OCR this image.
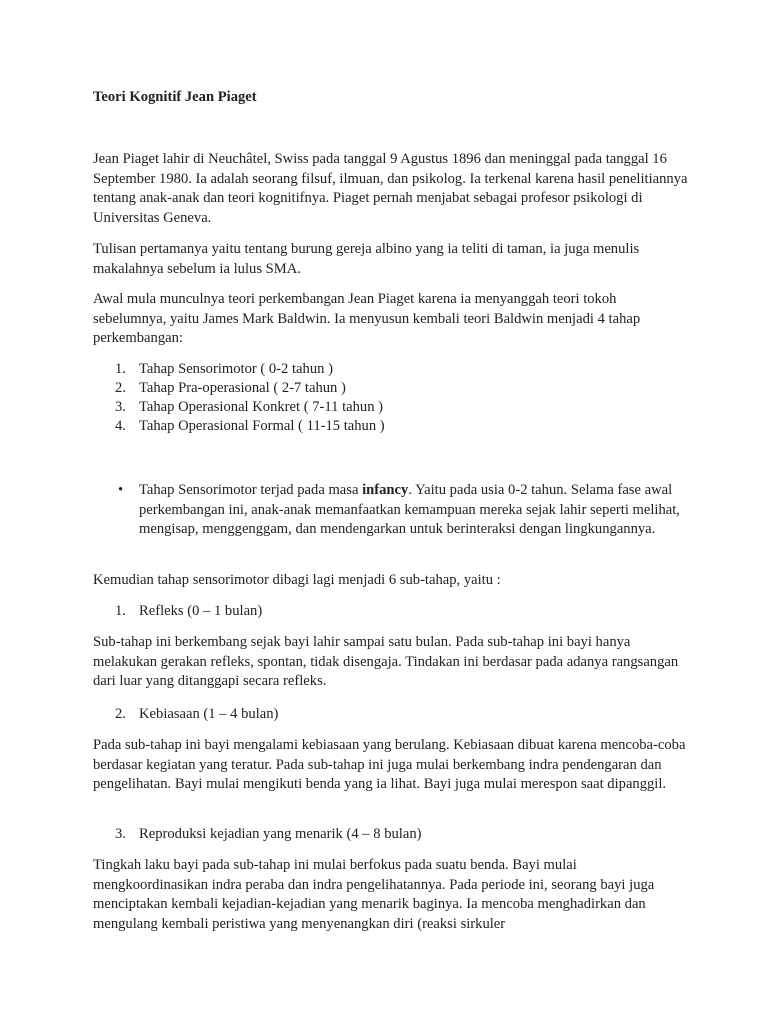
Teori Kognitif Jean Piaget

Jean Piaget lahir di Neuchâtel, Swiss pada tanggal 9 Agustus 1896 dan meninggal pada tanggal 16 September 1980. Ia adalah seorang filsuf, ilmuan, dan psikolog. Ia terkenal karena hasil penelitiannya tentang anak-anak dan teori kognitifnya. Piaget pernah menjabat sebagai profesor psikologi di Universitas Geneva.

Tulisan pertamanya yaitu tentang burung gereja albino yang ia teliti di taman, ia juga menulis makalahnya sebelum ia lulus SMA.

Awal mula munculnya teori perkembangan Jean Piaget karena ia menyanggah teori tokoh sebelumnya, yaitu James Mark Baldwin. Ia menyusun kembali teori Baldwin menjadi 4 tahap perkembangan:

1. Tahap Sensorimotor ( 0-2 tahun )
2. Tahap Pra-operasional ( 2-7 tahun )
3. Tahap Operasional Konkret ( 7-11 tahun )
4. Tahap Operasional Formal ( 11-15 tahun )
• Tahap Sensorimotor terjad pada masa infancy. Yaitu pada usia 0-2 tahun. Selama fase awal perkembangan ini, anak-anak memanfaatkan kemampuan mereka sejak lahir seperti melihat, mengisap, menggenggam, dan mendengarkan untuk berinteraksi dengan lingkungannya.

Kemudian tahap sensorimotor dibagi lagi menjadi 6 sub-tahap, yaitu :

1. Refleks (0 – 1 bulan)

Sub-tahap ini berkembang sejak bayi lahir sampai satu bulan. Pada sub-tahap ini bayi hanya melakukan gerakan refleks, spontan, tidak disengaja. Tindakan ini berdasar pada adanya rangsangan dari luar yang ditanggapi secara refleks.

2. Kebiasaan (1 – 4 bulan)

Pada sub-tahap ini bayi mengalami kebiasaan yang berulang. Kebiasaan dibuat karena mencoba-coba berdasar kegiatan yang teratur. Pada sub-tahap ini juga mulai berkembang indra pendengaran dan pengelihatan. Bayi mulai mengikuti benda yang ia lihat. Bayi juga mulai merespon saat dipanggil.

3. Reproduksi kejadian yang menarik (4 – 8 bulan)

Tingkah laku bayi pada sub-tahap ini mulai berfokus pada suatu benda. Bayi mulai mengkoordinasikan indra peraba dan indra pengelihatannya. Pada periode ini, seorang bayi juga menciptakan kembali kejadian-kejadian yang menarik baginya. Ia mencoba menghadirkan dan mengulang kembali peristiwa yang menyenangkan diri (reaksi sirkuler
